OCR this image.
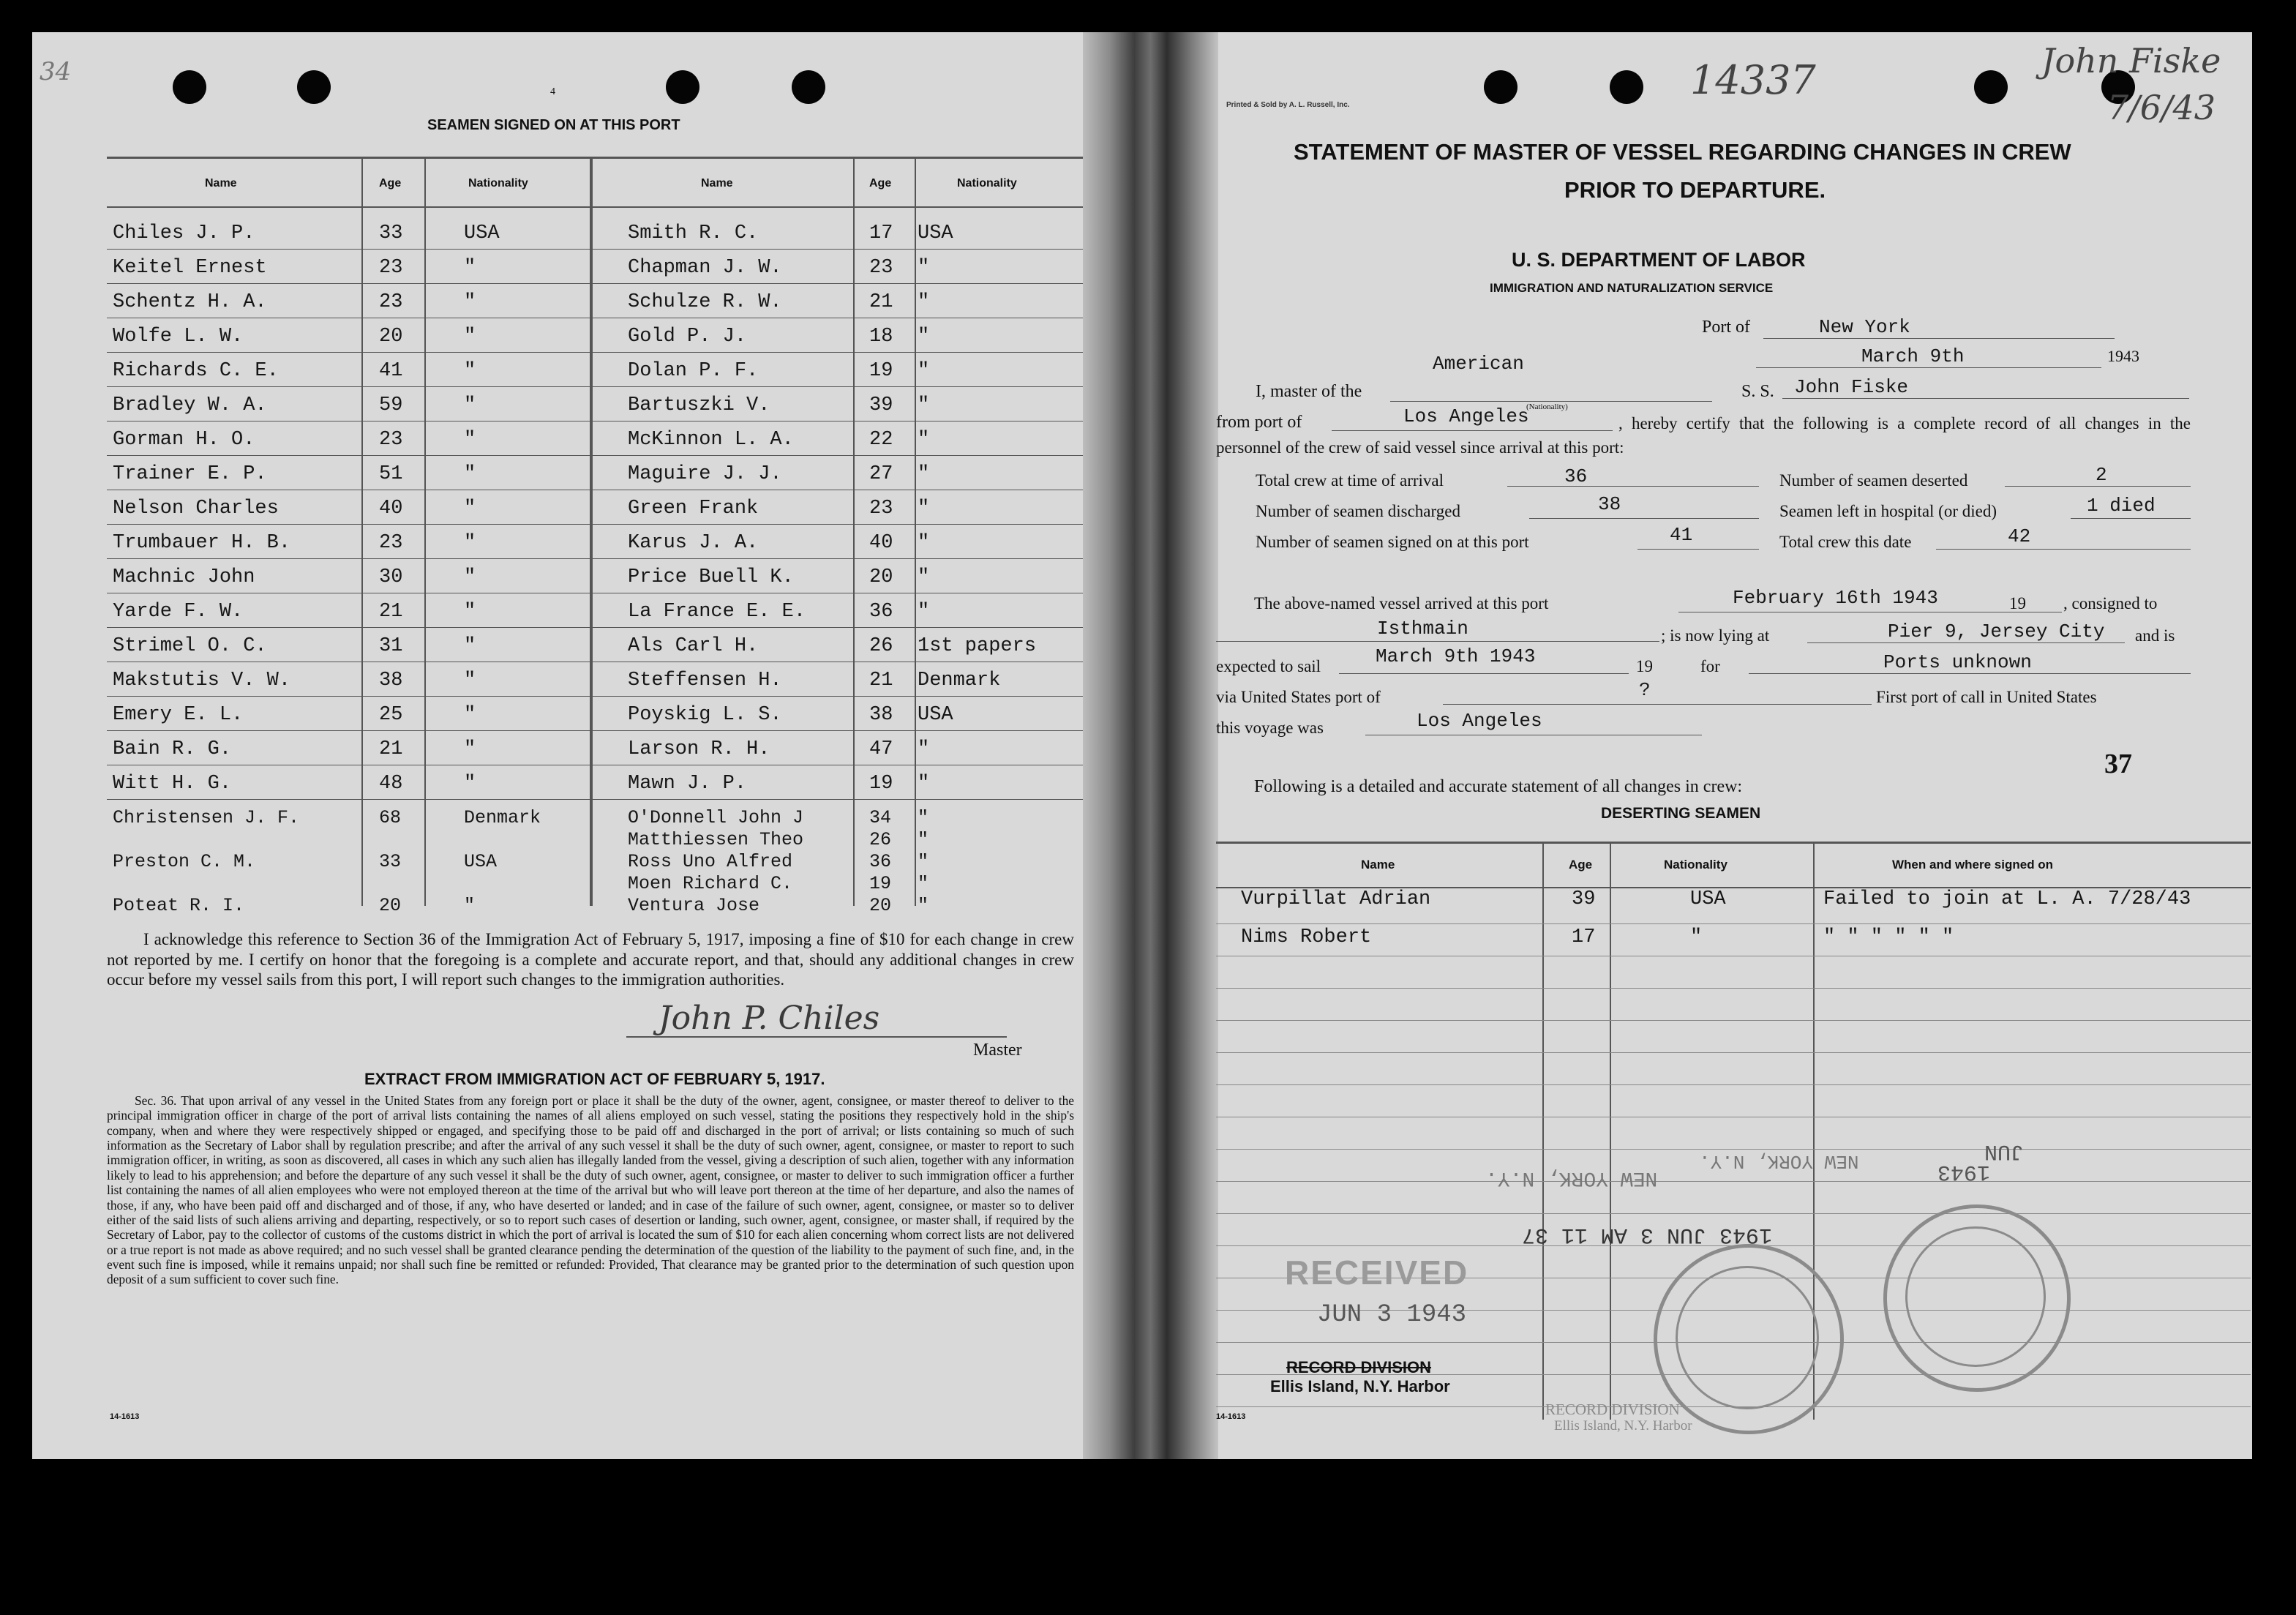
34	14337	John Fiske
7/6/43
4
SEAMEN SIGNED ON AT THIS PORT
Name	Age	Nationality	Name	Age	Nationality
Chiles J. P.	33	USA	Smith R. C.	17 USA
Keitel Ernest	23	"	Chapman J. W.	23 "
Schentz H. A.	23	"	Schulze R. W.	21 "
Wolfe L. W.	20	"	Gold P. J.	18 "
Richards C. E.	41	"	Dolan P. F.	19 "
Bradley W. A.	59	"	Bartuszki V.	39 "
Gorman H. O.	23	"	McKinnon L. A.	22 "
Trainer E. P.	51	"	Maguire J. J.	27 "
Nelson Charles	40	"	Green Frank	23 "
Trumbauer H. B.	23	"	Karus J. A.	40 "
Machnic John	30	"	Price Buell K.	20 "
Yarde F. W.	21	"	La France E. E.	36 "
Strimel O. C.	31	"	Als Carl H.	26 1st papers
Makstutis V. W.	38	"	Steffensen H.	21 Denmark
Emery E. L.	25	"	Poyskig L. S.	38 USA
Bain R. G.	21	"	Larson R. H.	47 "
Witt H. G.	48	"	Mawn J. P.	19 "
Christensen J. F.	68	Denmark	O'Donnell John J	34 "
Matthiessen Theo	26 "
Preston C. M.	33	USA	Ross Uno Alfred	36 "
Moen Richard C.	19 "
Poteat R. I.	20	"	Ventura Jose	20 "
I acknowledge this reference to Section 36 of the Immigration Act of February 5, 1917, imposing a fine of $10 for each change in crew not reported by me. I certify on honor that the foregoing is a complete and accurate report, and that, should any additional changes in crew occur before my vessel sails from this port, I will report such changes to the immigration authorities.
John P. Chiles
Master
EXTRACT FROM IMMIGRATION ACT OF FEBRUARY 5, 1917.
Sec. 36. That upon arrival of any vessel in the United States from any foreign port or place it shall be the duty of the owner, agent, consignee, or master thereof to deliver to the principal immigration officer in charge of the port of arrival lists containing the names of all aliens employed on such vessel, stating the positions they respectively hold in the ship's company, when and where they were respectively shipped or engaged, and specifying those to be paid off and discharged in the port of arrival; or lists containing so much of such information as the Secretary of Labor shall by regulation prescribe; and after the arrival of any such vessel it shall be the duty of such owner, agent, consignee, or master to report to such immigration officer, in writing, as soon as discovered, all cases in which any such alien has illegally landed from the vessel, giving a description of such alien, together with any information likely to lead to his apprehension; and before the departure of any such vessel it shall be the duty of such owner, agent, consignee, or master to deliver to such immigration officer a further list containing the names of all alien employees who were not employed thereon at the time of the arrival but who will leave port thereon at the time of her departure, and also the names of those, if any, who have been paid off and discharged and of those, if any, who have deserted or landed; and in case of the failure of such owner, agent, consignee, or master so to deliver either of the said lists of such aliens arriving and departing, respectively, or so to report such cases of desertion or landing, such owner, agent, consignee, or master shall, if required by the Secretary of Labor, pay to the collector of customs of the customs district in which the port of arrival is located the sum of $10 for each alien concerning whom correct lists are not delivered or a true report is not made as above required; and no such vessel shall be granted clearance pending the determination of the question of the liability to the payment of such fine, and, in the event such fine is imposed, while it remains unpaid; nor shall such fine be remitted or refunded: Provided, That clearance may be granted prior to the determination of such question upon deposit of a sum sufficient to cover such fine.
14-1613
Printed & Sold by A. L. Russell, Inc.
STATEMENT OF MASTER OF VESSEL REGARDING CHANGES IN CREW
PRIOR TO DEPARTURE.
U. S. DEPARTMENT OF LABOR
IMMIGRATION AND NATURALIZATION SERVICE
Port of	New York
March 9th	1943
American
I, master of the
(Nationality)
S. S. John Fiske
from port of	Los Angeles	, hereby certify that the following is a complete record of all changes in the personnel of the crew of said vessel since arrival at this port:
Total crew at time of arrival	36
Number of seamen discharged	38
Number of seamen signed on at this port	41
Number of seamen deserted	2
Seamen left in hospital (or died)	1 died
Total crew this date	42
The above-named vessel arrived at this port	February 16th 1943	19 , consigned to
Isthmain	; is now lying at	Pier 9, Jersey City and is
expected to sail	March 9th 1943	19	for	Ports unknown
via United States port of	?	First port of call in United States
this voyage was	Los Angeles
37
Following is a detailed and accurate statement of all changes in crew:
DESERTING SEAMEN
Name	Age	Nationality	When and where signed on
Vurpillat Adrian	39	USA	Failed to join at L. A. 7/28/43
Nims Robert	17	"	" " " " " "
RECEIVED
JUN 3 1943
RECORD DIVISION
Ellis Island, N.Y. Harbor
RECORD DIVISION
Ellis Island, N.Y. Harbor
1943 JUN 3 AM 11 37
NEW YORK, N.Y.
NEW YORK, N.Y.	1943
JUN
14-1613
